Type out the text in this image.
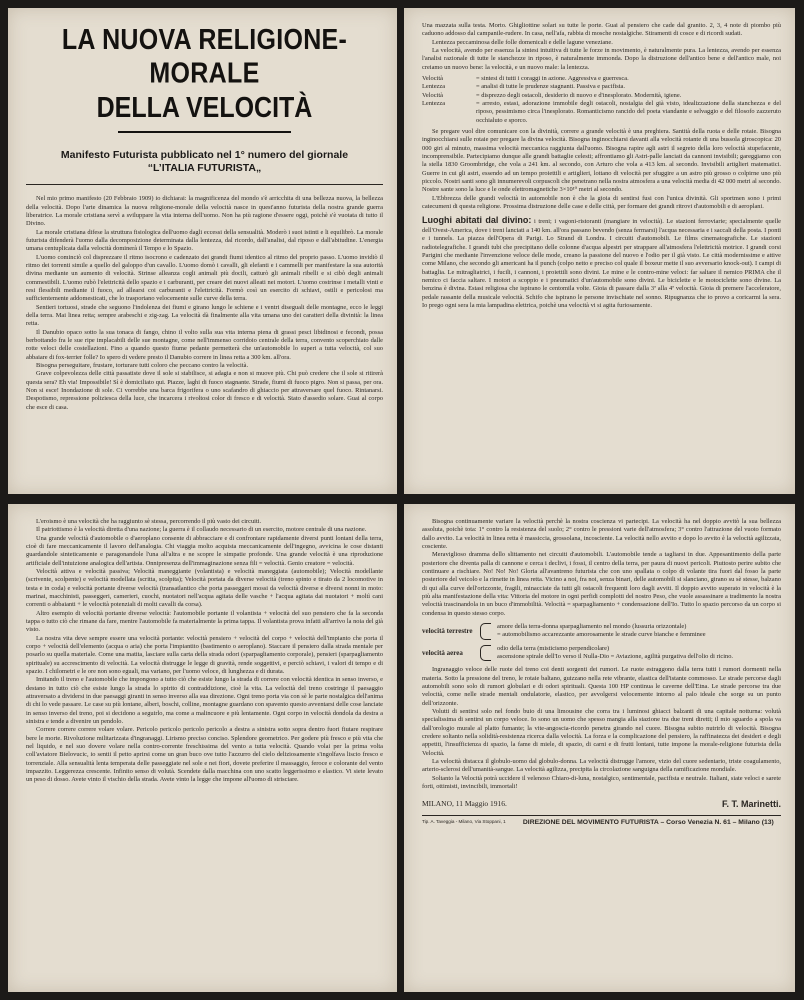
LA NUOVA RELIGIONE-MORALE
DELLA VELOCITÀ
Manifesto Futurista pubblicato nel 1° numero del giornale
“L’ITALIA FUTURISTA„

Nel mio primo manifesto (20 Febbraio 1909) io dichiarai: la magnificenza del mondo s'è arricchita di una bellezza nuova, la bellezza della velocità. Dopo l'arte dinamica la nuova religione-morale della velocità nasce in quest'anno futurista della nostra grande guerra liberatrice. La morale cristiana servì a sviluppare la vita interna dell'uomo. Non ha più ragione d'essere oggi, poichè s'è vuotata di tutto il Divino.

La morale cristiana difese la struttura fisiologica dell'uomo dagli eccessi della sensualità. Moderò i suoi istinti e li equilibrò. La morale futurista difenderà l'uomo dalla decomposizione determinata dalla lentezza, dal ricordo, dall'analisi, dal riposo e dall'abitudine. L'energia umana centuplicata dalla velocità dominerà il Tempo e lo Spazio.

L'uomo cominciò col disprezzare il ritmo isocrono e cadenzato dei grandi fiumi identico al ritmo del proprio passo. L'uomo invidiò il ritmo dei torrenti simile a quello del galoppo d'un cavallo. L'uomo domò i cavalli, gli elefanti e i cammelli per manifestare la sua autorità divina mediante un aumento di velocità. Strinse alleanza cogli animali più docili, catturò gli animali ribelli e si cibò degli animali commestibili. L'uomo rubò l'elettricità dello spazio e i carburanti, per creare dei nuovi alleati nei motori. L'uomo costrinse i metalli vinti e resi flessibili mediante il fuoco, ad allearsi coi carburanti e l'elettricità. Formò così un esercito di schiavi, ostili e pericolosi ma sufficientemente addomesticati, che lo trasportano velocemente sulle curve della terra.

Sentieri tortuosi, strade che seguono l'indolenza dei fiumi e girano lungo le schiene e i ventri diseguali delle montagne, ecco le leggi della terra. Mai linea retta; sempre arabeschi e zig-zag. La velocità dà finalmente alla vita umana uno dei caratteri della divinità: la linea retta.

Il Danubio opaco sotto la sua tonaca di fango, chino il volto sulla sua vita interna piena di grassi pesci libidinosi e fecondi, possa berbottando fra le sue ripe implacabili delle sue montagne, come nell'immenso corridoio centrale della terra, convento scoperchiato dalle rotte veloci delle costellazioni. Fino a quando questo fiume pedante permetterà che un'automobile lo superi a tutta velocità, col suo abbaiare di fox-terrier folle? Io spero di vedere presto il Danubio correre in linea retta a 300 km. all'ora.

Bisogna perseguitare, frustare, torturare tutti coloro che peccano contro la velocità.

Grave colpevolezza delle città passatiste dove il sole si stabilisce, si adagia e non si muove più. Chi può credere che il sole si ritirerà questa sera? Eh via! Impossibile! Sì è domiciliato qui. Piazze, laghi di fuoco stagnante. Strade, fiumi di fuoco pigro. Non si passa, per ora. Non si esce! Inondazione di sole. Ci vorrebbe una barca frigorifera o uno scafandro di ghiaccio per attraversare quel fuoco. Rintanarsi. Despotismo, repressione poliziesca della luce, che incarcera i rivoltosi color di fresco e di velocità. Stato d'assedio solare. Guai al corpo che esce di casa.

Una mazzata sulla testa. Morto. Ghigliottine solari su tutte le porte. Guai al pensiero che cade dal granito. 2, 3, 4 note di piombo più caduono addosso dal campanile-rudere. In casa, nell'afa, rabbia di mosche nostalgiche. Stiramenti di cosce e di ricordi sudati.

Lentezza peccaminosa delle folle domenicali e delle lagune veneziane.

La velocità, avendo per essenza la sintesi intuitiva di tutte le forze in movimento, è naturalmente pura. La lentezza, avendo per essenza l'analisi razionale di tutte le stanchezze in riposo, è naturalmente immonda. Dopo la distruzione dell'antico bene e dell'antico male, noi creiamo un nuovo bene: la velocità, e un nuovo male: la lentezza.

Velocità	= sintesi di tutti i coraggi in azione. Aggressiva e guerresca.
Lentezza	= analisi di tutte le prudenze stagnanti. Passiva e pacifista.
Velocità	= disprezzo degli ostacoli, desiderio di nuovo e d'inesplorato. Modernità, igiene.
Lentezza	= arresto, estasi, adorazione immobile degli ostacoli, nostalgia del già visto, idealizzazione della stanchezza e del riposo, pessimismo circa l'inesplorato. Romanticismo rancido del poeta viandante e selvaggio e del filosofo zazzeruto occhialuto e sporco.

Se pregare vuol dire comunicare con la divinità, correre a grande velocità è una preghiera. Santità della ruota e delle rotaie. Bisogna inginocchiarsi sulle rotaie per pregare la divina velocità. Bisogna inginocchiarsi davanti alla velocità rotante di una bussola giroscopica: 20 000 giri al minuto, massima velocità meccanica raggiunta dall'uomo. Bisogna rapire agli astri il segreto della loro velocità stupefacente, incomprensibile. Partecipiamo dunque alle grandi battaglie celesti; affrontiamo gli Astri-palle lanciati da cannoni invisibili; gareggiamo con la stella 1830 Groombridge, che vola a 241 km. al secondo, con Arturo che vola a 413 km. al secondo. Invisibili artiglieri matematici. Guerre in cui gli astri, essendo ad un tempo proiettili e artiglieri, lottano di velocità per sfuggire a un astro più grosso o colpirne uno più piccolo. Nostri santi sono gli innumerevoli corpuscoli che penetrano nella nostra atmosfera a una velocità media di 42 000 metri al secondo. Nostre sante sono la luce e le onde elettromagnetiche 3×10¹⁰ metri al secondo.

L'Ebbrezza delle grandi velocità in automobile non è che la gioia di sentirsi fusi con l'unica divinità. Gli sportmen sono i primi catecumeni di questa religione. Prossima distruzione delle case e delle città, per formare dei grandi ritrovi d'automobili e di aeroplani.

Luoghi abitati dal divino: i treni; i vagoni-ristoranti (mangiare in velocità). Le stazioni ferroviarie; specialmente quelle dell'Ovest-America, dove i treni lanciati a 140 km. all'ora passano bevendo (senza fermarsi) l'acqua necessaria e i saccali della posta. I ponti e i tunnels. La piazza dell'Opera di Parigi. Lo Strand di Londra. I circuiti d'automobili. Le films cinematografiche. Le stazioni radiotelegrafiche. I grandi tubi che precipitano delle colonne d'acqua alpestri per strappare all'atmosfera l'elettricità motrice. I grandi corsi Parigini che mediante l'invenzione veloce delle mode, creano la passione del nuovo e l'odio per il già visto. Le città modernissime e attive come Milano, che secondo gli americani ha il punch (colpo netto e preciso col quale il boxeur mette il suo avversario knock-out). I campi di battaglia. Le mitragliatrici, i fucili, i cannoni, i proiettili sono divini. Le mine e le contro-mine veloci: far saltare il nemico PRIMA che il nemico ci faccia saltare. I motori a scoppio e i pneumatici d'un'automobile sono divini. Le biciclette e le motociclette sono divine. La benzina è divina. Estasi religiosa che ispirano le centomila volte. Gioia di passare dalla 3ª alla 4ª velocità. Gioia di premere l'acceleratore, pedale rassante della musicale velocità. Schifo che ispirano le persone invischiate nel sonno. Ripugnanza che io provo a coricarmi la sera. Io prego ogni sera la mia lampadina elettrica, poichè una velocità vi si agita furiosamente.

L'eroismo è una velocità che ha raggiunto sè stessa, percorrendo il più vasto dei circuiti.

Il patriottismo è la velocità diretta d'una nazione; la guerra è il collaudo necessario di un esercito, motore centrale di una nazione.

Una grande velocità d'automobile o d'aeroplano consente di abbracciare e di confrontare rapidamente diversi punti lontani della terra, cioè di fare meccanicamente il lavoro dell'analogia. Chi viaggia molto acquista meccanicamente dell'ingegno, avvicina le cose distanti guardandole sinteticamente e paragonandole l'una all'altra e ne scopre le simpatie profonde. Una grande velocità è una riproduzione artificiale dell'intuizione analogica dell'artista. Onnipresenza dell'immaginazione senza fili = velocità. Genio creatore = velocità.

Velocità attiva e velocità passiva; Velocità maneggiante (volantista) e velocità maneggiata (automobile); Velocità modellante (scrivente, scolpente) e velocità modellata (scritta, scolpita); Velocità portata da diverse velocità (treno spinto e tirato da 2 locomotive in testa e in coda) e velocità portante diverse velocità (transatlantico che porta passeggeri mossi da velocità diverse e diversi nonni in moto: marinai, macchinisti, passeggeri, camerieri, cuochi, nuotatori nell'acqua agitata delle vasche + l'acqua agitata dai nuotatori + moltì cani correnti o abbaianti + le velocità potenziali di molti cavalli da corsa).

Altro esempio di velocità portante diverse velocità: l'automobile portante il volantista + velocità del suo pensiero che fa la seconda tappa o tutto ciò che rimane da fare, mentre l'automobile fa materialmente la prima tappa. Il volantista prova infatti all'arrivo la noia del già visto.

La nostra vita deve sempre essere una velocità portante: velocità pensiero + velocità del corpo + velocità dell'impianto che porta il corpo + velocità dell'elemento (acqua o aria) che porta l'impiantito (bastimento o aeroplano). Staccare il pensiero dalla strada mentale per posarlo su quella materiale. Come una matita, lasciare sulla carta della strada odori (sparpagliamento corporale), pensieri (sparpagliamento spirituale) su accrescimento di velocità. La velocità distrugge le legge di gravità, rende soggettivi, e perciò schiavi, i valori di tempo e di spazio. I chilometri e le ore non sono eguali, ma variano, per l'uomo veloce, di lunghezza e di durata.

Imitando il treno e l'automobile che impongono a tutto ciò che esiste lungo la strada di correre con velocità identica in senso inverso, e destano in tutto ciò che esiste lungo la strada lo spirito di contraddizione, cioè la vita. La velocità del treno costringe il paesaggio attraversato a dividersi in due paesaggi giranti in senso inverso alla sua direzione. Ogni treno porta via con sè le parte nostalgica dell'anima di chi lo vede passare. Le case su più lontane, alberi, boschi, colline, montagne guardano con spavento questo avventarsi delle cose lanciate in senso inverso del treno, poi si decidono a seguirlo, ma come a malincuore e più lentamente. Ogni corpo in velocità dondola da destra a sinistra e tende a divenire un pendolo.

Correre correre correre volare volare. Pericolo pericolo pericolo pericolo a destra a sinistra sotto sopra dentro fuori fiutare respirare bere le morte. Rivoluzione militarizzata d'ingranaggi. Lirismo preciso conciso. Splendore geometrico. Per godere più fresco e più vita che nel liquido, e nel suo dovere volare nella contro-corrente freschissima del vento a tutta velocità. Quando volai per la prima volta coll'aviatore Bielovucic, io sentii il petto aprirsi come un gran buco ove tutto l'azzurro del cielo deliziosamente s'ingolfava liscio fresco e torrenziale. Alla sensualità lenta temperata delle passeggiate nel sole e nei fiori, dovete preferire il massaggio, feroce e colorante del vento impazzito. Leggerezza crescente. Infinito senso di volutà. Scendete dalla macchina con uno scatto leggerissimo e elastico. Vi siete levato un peso di dosso. Avete vinto il vischio della strada. Avete vinto la legge che impone all'uomo di strisciare.

Bisogna continuamente variare la velocità perchè la nostra coscienza vi partecipi. La velocità ha nel doppio avvitò la sua bellezza assoluta, poichè tota: 1° contro la resistenza del suolo; 2° contro le pressioni varie dell'atmosfera; 3° contro l'attrazione del vuoto formato dallo avvito. La velocità in linea retta è massiccia, grossolana, incosciente. La velocità nello avvito e dopo lo avvito è la velocità agilizzata, cosciente.

Meraviglioso dramma dello slittamento nei circuiti d'automobili. L'automobile tende a tagliarsi in due. Appesantimento della parte posteriore che diventa palla di cannone e cerca i declivi, i fossi, il centro della terra, per paura di nuovi pericoli. Piuttosto perire subito che continuare a rischiare. No! No! No! Gloria all'avantreno futurista che con uno spallata o colpo di volante tira fuori dal fosso la parte posteriore del veicolo e la rimette in linea retta. Vicino a noi, fra noi, senza binari, delle automobili si slanciano, girano su sè stesse, balzano di qui alla curve dell'orizzonte, fragili, minacciate da tutti gli ostacoli frequenti loro dagli avviti. Il doppio avvito superato in velocità è la più alta manifestazione della vita: Vittoria del motore in ogni perfidi complotti del nostro Peso, che vuole assassinare a tradimento la nostra velocità trascinandola in un buco d'immobilità. Velocità = sparpagliamento + condensazione dell'Io. Tutto lo spazio percorso da un corpo si condensa in questo stesso corpo.

velocità terrestre
amore della terra-donna sparpagliamento nel mondo (lussuria orizzontale)
= automobilismo accarezzante amorosamente le strade curve bianche e femminee
velocità aerea
odio della terra (misticismo perpendicolare)
ascensione spirale dell'Io verso il Nulla-Dio = Aviazione, agilità purgativa dell'olio di ricino.

Ingranaggio veloce delle ruote del treno coi denti sorgenti dei rumori. Le ruote estraggono dalla terra tutti i rumori dormenti nella materia. Sotto la pressione del treno, le rotaie baltano, guizzano nella rete vibrante, elastica dell'istante commosso. Le strade percorse dagli automobili sono solo di rumori globulari e di odori spirituali. Questa 100 HP continua le caverne dell'Etna. Le strade percorse tra due velocità, come nelle strade mentali ondulatorie, elastico, per avvolgersi velocemente intorno al palo ideale che sorge su un punto dell'orizzonte.

Volutti di sentirsi solo nel fondo buio di una limousine che corra tra i luminosi ghiacci balzanti di una capitale notturna: volutà specialissima di sentirsi un corpo veloce. Io sono un uomo che spesso mangia alla stazione tra due treni diretti; il mio sguardo a spola va dall'orologio murale al platto fumante; la vite-angoscia-ricordo penetra girando nel cuore. Bisogna subito nutrirlo di velocità. Bisogna credere soltanto nella solidità-resistenza ricerca dalla velocità. La forza e la complicazione del pensiero, la raffinatezza dei desideri e degli appetiti, l'insufficienza di spazio, la fame di miele, di spazio, di carni e di frutti lontani, tutte impone la morale-religione futurista della Velocità.

La velocità distacca il globulo-uomo dal globulo-donna. La velocità distrugge l'amore, vizio del cuore sedentario, triste coagulamento, arterio-sclerosi dell'umanità-sangue. La velocità agilizza, precipita la circolazione sanguigna della ramificazione mondiale.

Soltanto la Velocità potrà uccidere il velenoso Chiaro-di-luna, nostalgico, sentimentale, pacifista e neutrale. Italiani, siate veloci e sarete forti, ottimisti, invincibili, immortali!

MILANO, 11 Maggio 1916.	F. T. Marinetti.
Tip. A. Taveggia - Milano, Via Stoppani, 1	DIREZIONE DEL MOVIMENTO FUTURISTA – Corso Venezia N. 61 – Milano (13)
